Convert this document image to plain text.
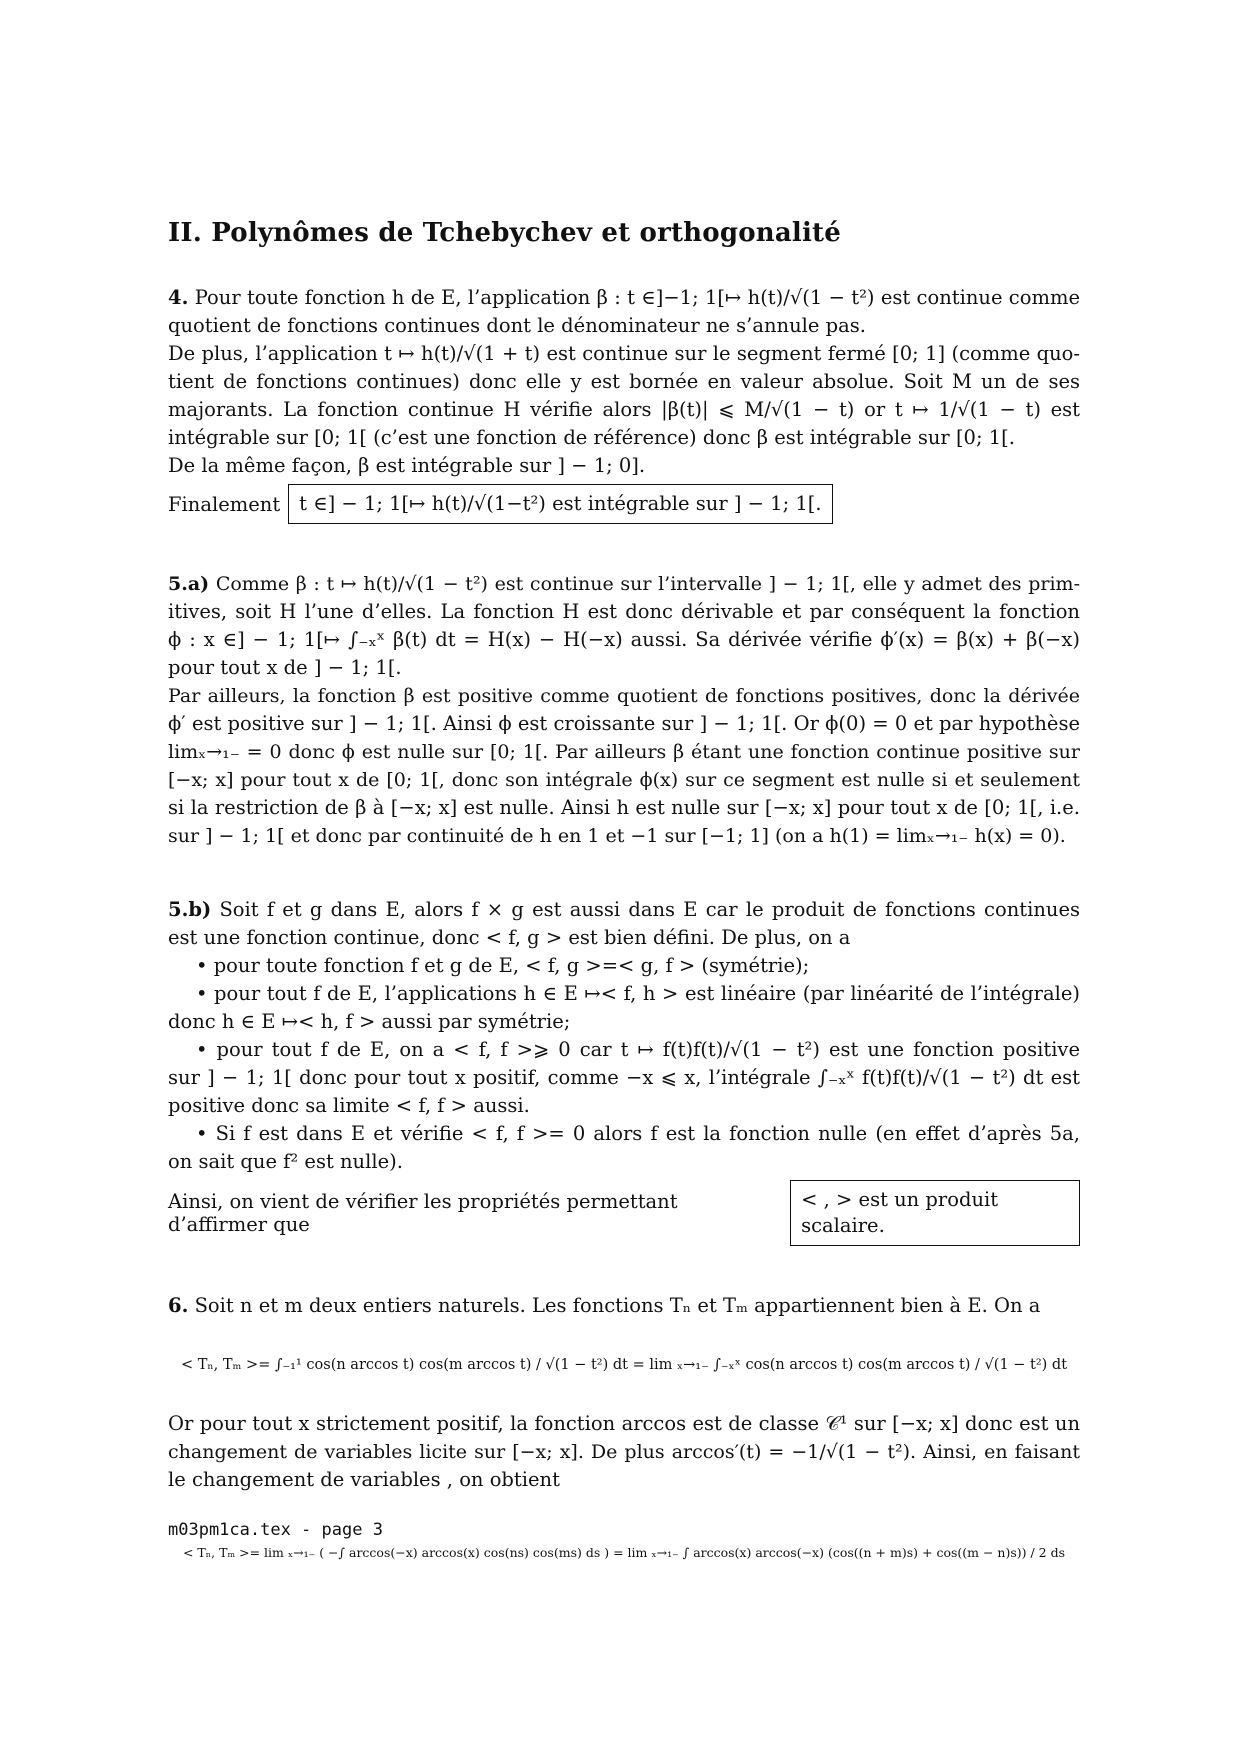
II. Polynômes de Tchebychev et orthogonalité
4. Pour toute fonction h de E, l’application β : t ∈]−1; 1[↦ h(t)/√(1 − t²) est continue comme
quotient de fonctions continues dont le dénominateur ne s’annule pas.
De plus, l’application t ↦ h(t)/√(1 + t) est continue sur le segment fermé [0; 1] (comme quo-
tient de fonctions continues) donc elle y est bornée en valeur absolue. Soit M un de ses
majorants. La fonction continue H vérifie alors |β(t)| ⩽ M/√(1 − t) or t ↦ 1/√(1 − t) est
intégrable sur [0; 1[ (c’est une fonction de référence) donc β est intégrable sur [0; 1[.
De la même façon, β est intégrable sur ] − 1; 0].
Finalement t ∈] − 1; 1[↦ h(t)/√(1−t²) est intégrable sur ] − 1; 1[.
5.a) Comme β : t ↦ h(t)/√(1 − t²) est continue sur l’intervalle ] − 1; 1[, elle y admet des prim-
itives, soit H l’une d’elles. La fonction H est donc dérivable et par conséquent la fonction
ϕ : x ∈] − 1; 1[↦ ∫₋ₓˣ β(t) dt = H(x) − H(−x) aussi. Sa dérivée vérifie ϕ′(x) = β(x) + β(−x)
pour tout x de ] − 1; 1[.
Par ailleurs, la fonction β est positive comme quotient de fonctions positives, donc la dérivée
ϕ′ est positive sur ] − 1; 1[. Ainsi ϕ est croissante sur ] − 1; 1[. Or ϕ(0) = 0 et par hypothèse
limₓ→₁₋ = 0 donc ϕ est nulle sur [0; 1[. Par ailleurs β étant une fonction continue positive sur
[−x; x] pour tout x de [0; 1[, donc son intégrale ϕ(x) sur ce segment est nulle si et seulement
si la restriction de β à [−x; x] est nulle. Ainsi h est nulle sur [−x; x] pour tout x de [0; 1[, i.e.
sur ] − 1; 1[ et donc par continuité de h en 1 et −1 sur [−1; 1] (on a h(1) = limₓ→₁₋ h(x) = 0).
5.b) Soit f et g dans E, alors f × g est aussi dans E car le produit de fonctions continues
est une fonction continue, donc < f, g > est bien défini. De plus, on a
• pour toute fonction f et g de E, < f, g >=< g, f > (symétrie);
• pour tout f de E, l’applications h ∈ E ↦< f, h > est linéaire (par linéarité de l’intégrale)
donc h ∈ E ↦< h, f > aussi par symétrie;
• pour tout f de E, on a < f, f >⩾ 0 car t ↦ f(t)f(t)/√(1 − t²) est une fonction positive
sur ] − 1; 1[ donc pour tout x positif, comme −x ⩽ x, l’intégrale ∫₋ₓˣ f(t)f(t)/√(1 − t²) dt est
positive donc sa limite < f, f > aussi.
• Si f est dans E et vérifie < f, f >= 0 alors f est la fonction nulle (en effet d’après 5a,
on sait que f² est nulle).
Ainsi, on vient de vérifier les propriétés permettant d’affirmer que
< , > est un produit scalaire.
6. Soit n et m deux entiers naturels. Les fonctions Tₙ et Tₘ appartiennent bien à E. On a
< Tₙ, Tₘ >= ∫₋₁¹ cos(n arccos t) cos(m arccos t) / √(1 − t²) dt = lim ₓ→₁₋ ∫₋ₓˣ cos(n arccos t) cos(m arccos t) / √(1 − t²) dt
Or pour tout x strictement positif, la fonction arccos est de classe 𝒞¹ sur [−x; x] donc est un
changement de variables licite sur [−x; x]. De plus arccos′(t) = −1/√(1 − t²). Ainsi, en faisant
le changement de variables , on obtient
< Tₙ, Tₘ >= lim ₓ→₁₋ ( −∫ arccos(−x) arccos(x) cos(ns) cos(ms) ds ) = lim ₓ→₁₋ ∫ arccos(x) arccos(−x) (cos((n + m)s) + cos((m − n)s)) / 2 ds
m03pm1ca.tex - page 3
